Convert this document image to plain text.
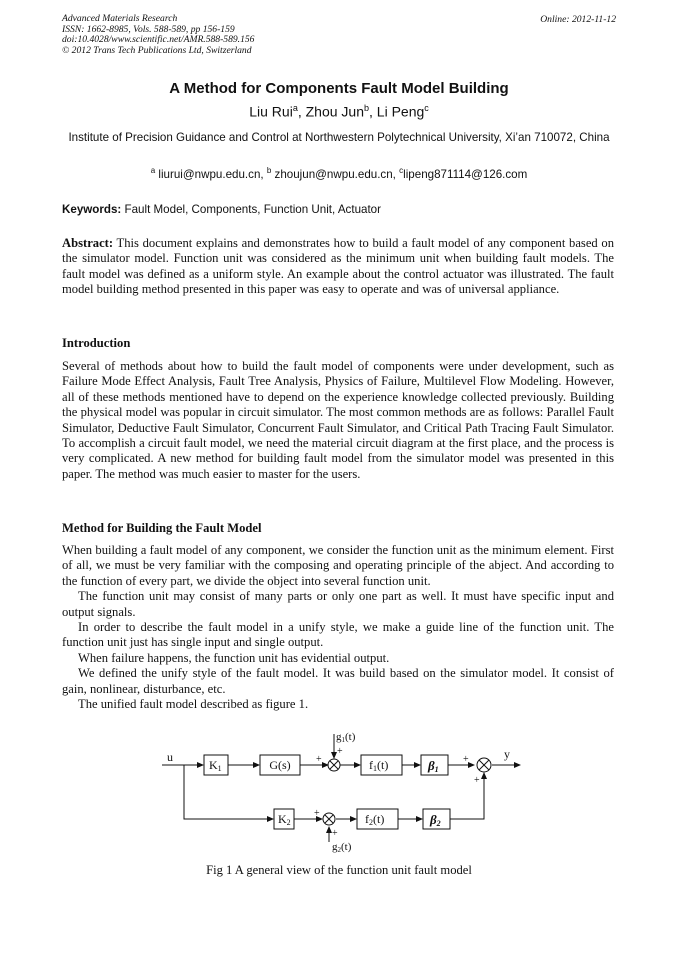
Advanced Materials Research
ISSN: 1662-8985, Vols. 588-589, pp 156-159
doi:10.4028/www.scientific.net/AMR.588-589.156
© 2012 Trans Tech Publications Ltd, Switzerland
Online: 2012-11-12
A Method for Components Fault Model Building
Liu Rui$^a$, Zhou Jun$^b$, Li Peng$^c$
Institute of Precision Guidance and Control at Northwestern Polytechnical University, Xi’an 710072, China
$^a$ liurui@nwpu.edu.cn, $^b$ zhoujun@nwpu.edu.cn, $^c$lipeng871114@126.com
Keywords: Fault Model, Components, Function Unit, Actuator
Abstract: This document explains and demonstrates how to build a fault model of any component based on the simulator model. Function unit was considered as the minimum unit when building fault models. The fault model was defined as a uniform style. An example about the control actuator was illustrated. The fault model building method presented in this paper was easy to operate and was of universal appliance.
Introduction
Several of methods about how to build the fault model of components were under development, such as Failure Mode Effect Analysis, Fault Tree Analysis, Physics of Failure, Multilevel Flow Modeling. However, all of these methods mentioned have to depend on the experience knowledge collected previously. Building the physical model was popular in circuit simulator. The most common methods are as follows: Parallel Fault Simulator, Deductive Fault Simulator, Concurrent Fault Simulator, and Critical Path Tracing Fault Simulator. To accomplish a circuit fault model, we need the material circuit diagram at the first place, and the process is very complicated. A new method for building fault model from the simulator model was presented in this paper. The method was much easier to master for the users.
Method for Building the Fault Model
When building a fault model of any component, we consider the function unit as the minimum element. First of all, we must be very familiar with the composing and operating principle of the abject. And according to the function of every part, we divide the object into several function unit.
The function unit may consist of many parts or only one part as well. It must have specific input and output signals.
In order to describe the fault model in a unify style, we make a guide line of the function unit. The function unit just has single input and single output.
When failure happens, the function unit has evidential output.
We defined the unify style of the fault model. It was build based on the simulator model. It consist of gain, nonlinear, disturbance, etc.
The unified fault model described as figure 1.
u	y
K1	G(s)	f1(t)	β1
K2	f2(t)	β2
g1(t)
g2(t)
+
+
+
+
+
+
Fig 1 A general view of the function unit fault model
